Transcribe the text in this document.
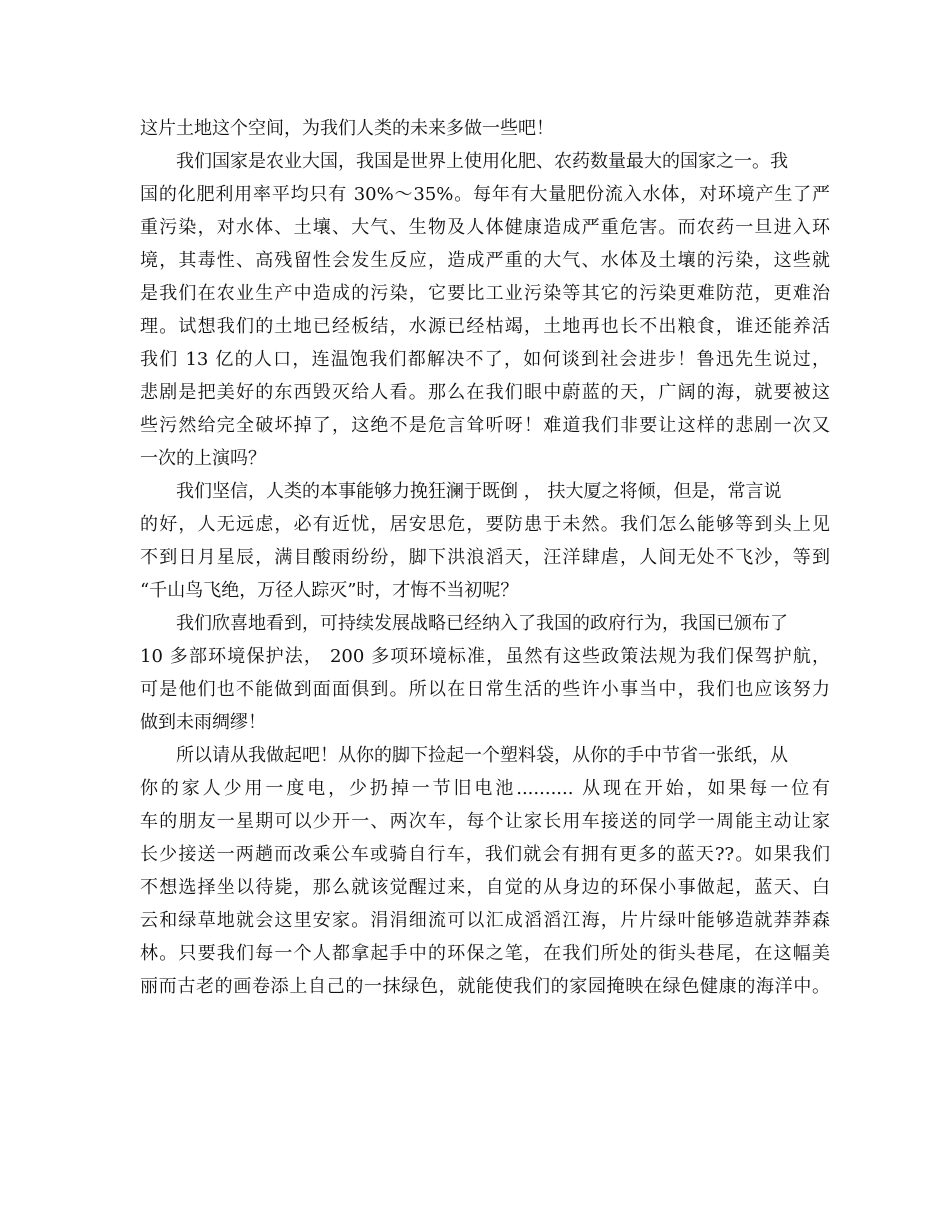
这片土地这个空间，为我们人类的未来多做一些吧！
我们国家是农业大国，我国是世界上使用化肥、农药数量最大的国家之一。我
国的化肥利用率平均只有 30%～35%。每年有大量肥份流入水体，对环境产生了严
重污染，对水体、土壤、大气、生物及人体健康造成严重危害。而农药一旦进入环
境，其毒性、高残留性会发生反应，造成严重的大气、水体及土壤的污染，这些就
是我们在农业生产中造成的污染，它要比工业污染等其它的污染更难防范，更难治
理。试想我们的土地已经板结，水源已经枯竭，土地再也长不出粮食，谁还能养活
我们 13 亿的人口，连温饱我们都解决不了，如何谈到社会进步！鲁迅先生说过，
悲剧是把美好的东西毁灭给人看。那么在我们眼中蔚蓝的天，广阔的海，就要被这
些污然给完全破坏掉了，这绝不是危言耸听呀！难道我们非要让这样的悲剧一次又
一次的上演吗？
我们坚信，人类的本事能够力挽狂澜于既倒 ， 扶大厦之将倾，但是，常言说
的好，人无远虑，必有近忧，居安思危，要防患于未然。我们怎么能够等到头上见
不到日月星辰，满目酸雨纷纷，脚下洪浪滔天，汪洋肆虐，人间无处不飞沙，等到
“千山鸟飞绝，万径人踪灭”时，才悔不当初呢？
我们欣喜地看到，可持续发展战略已经纳入了我国的政府行为，我国已颁布了
10 多部环境保护法， 200 多项环境标准，虽然有这些政策法规为我们保驾护航，
可是他们也不能做到面面俱到。所以在日常生活的些许小事当中，我们也应该努力
做到未雨绸缪！
所以请从我做起吧！从你的脚下捡起一个塑料袋，从你的手中节省一张纸，从
你的家人少用一度电，少扔掉一节旧电池.......... 从现在开始，如果每一位有
车的朋友一星期可以少开一、两次车，每个让家长用车接送的同学一周能主动让家
长少接送一两趟而改乘公车或骑自行车，我们就会有拥有更多的蓝天??。如果我们
不想选择坐以待毙，那么就该觉醒过来，自觉的从身边的环保小事做起，蓝天、白
云和绿草地就会这里安家。涓涓细流可以汇成滔滔江海，片片绿叶能够造就莽莽森
林。只要我们每一个人都拿起手中的环保之笔，在我们所处的街头巷尾，在这幅美
丽而古老的画卷添上自己的一抹绿色，就能使我们的家园掩映在绿色健康的海洋中。
